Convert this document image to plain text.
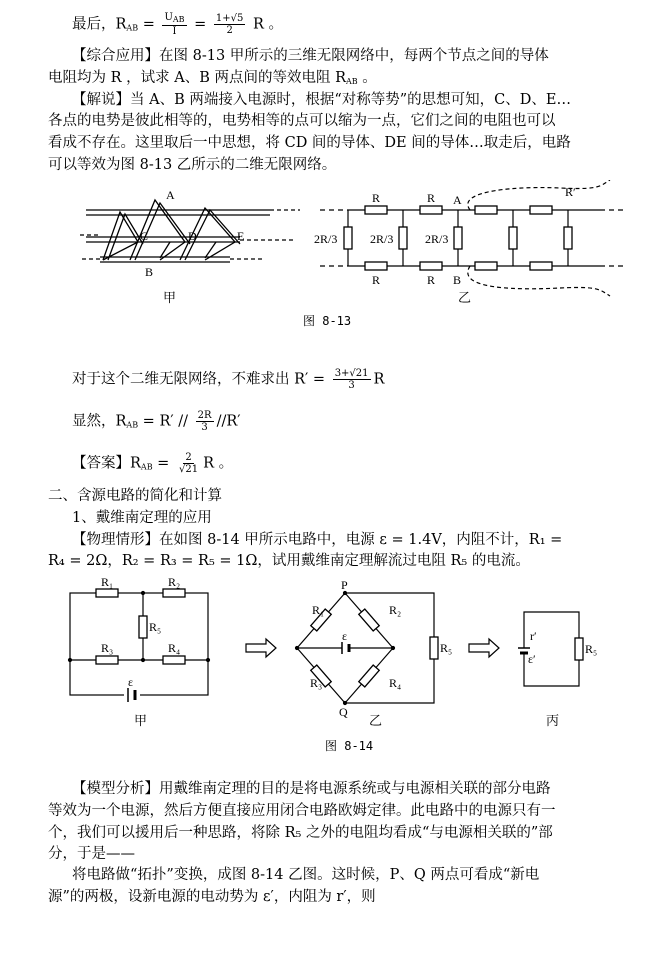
最后，$R_{AB} = \frac{U_{AB}}{I} = \frac{1+√5}{2}$ R 。
【综合应用】在图 8-13 甲所示的三维无限网络中，每两个节点之间的导体
电阻均为 R ，试求 A、B 两点间的等效电阻 $R_{AB}$ 。
【解说】当 A、B 两端接入电源时，根据“对称等势”的思想可知，C、D、E…
各点的电势是彼此相等的，电势相等的点可以缩为一点，它们之间的电阻也可以
看成不存在。这里取后一中思想，将 CD 间的导体、DE 间的导体…取走后，电路
可以等效为图 8-13 乙所示的二维无限网络。
A
C	D	E
B
甲
R	R A
R′
R	R B
2R/3	2R/3	2R/3
乙
图 8-13
对于这个二维无限网络，不难求出 $R' = \frac{3+√21}{3}$ R
显然，$R_{AB} = R' // \frac{2R}{3} //R'$
【答案】$R_{AB} = \frac{2}{√21}$ R 。
二、含源电路的简化和计算
1、戴维南定理的应用
【物理情形】在如图 8-14 甲所示电路中，电源 ε = 1.4V，内阻不计，R₁ =
R₄ = 2Ω，R₂ = R₃ = R₅ = 1Ω，试用戴维南定理解流过电阻 R₅ 的电流。
R₁	R₂
R₅
R₃	R₄
ε
甲
P
Q
R₁	R₂
R₃	R₄
R₅
ε
乙
r′
ε′
R₅
丙
图 8-14
【模型分析】用戴维南定理的目的是将电源系统或与电源相关联的部分电路
等效为一个电源，然后方便直接应用闭合电路欧姆定律。此电路中的电源只有一
个，我们可以援用后一种思路，将除 R₅ 之外的电阻均看成“与电源相关联的”部
分，于是——
将电路做“拓扑”变换，成图 8-14 乙图。这时候，P、Q 两点可看成“新电
源”的两极，设新电源的电动势为 ε′，内阻为 r′，则
